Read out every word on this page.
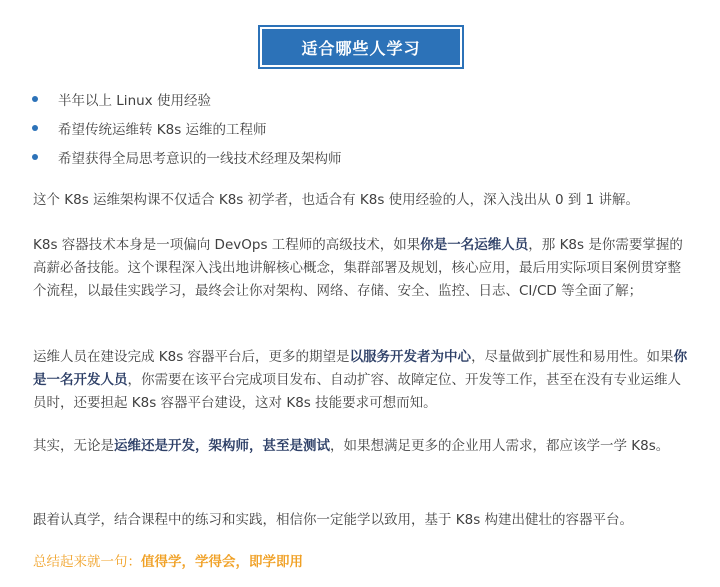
适合哪些人学习
半年以上 Linux 使用经验
希望传统运维转 K8s 运维的工程师
希望获得全局思考意识的一线技术经理及架构师
这个 K8s 运维架构课不仅适合 K8s 初学者，也适合有 K8s 使用经验的人，深入浅出从 0 到 1 讲解。
K8s 容器技术本身是一项偏向 DevOps 工程师的高级技术，如果你是一名运维人员，那 K8s 是你需要掌握的高薪必备技能。这个课程深入浅出地讲解核心概念，集群部署及规划，核心应用，最后用实际项目案例贯穿整个流程，以最佳实践学习，最终会让你对架构、网络、存储、安全、监控、日志、CI/CD 等全面了解；
运维人员在建设完成 K8s 容器平台后，更多的期望是以服务开发者为中心，尽量做到扩展性和易用性。如果你是一名开发人员，你需要在该平台完成项目发布、自动扩容、故障定位、开发等工作，甚至在没有专业运维人员时，还要担起 K8s 容器平台建设，这对 K8s 技能要求可想而知。
其实，无论是运维还是开发，架构师，甚至是测试，如果想满足更多的企业用人需求，都应该学一学 K8s。
跟着认真学，结合课程中的练习和实践，相信你一定能学以致用，基于 K8s 构建出健壮的容器平台。
总结起来就一句：值得学，学得会，即学即用
